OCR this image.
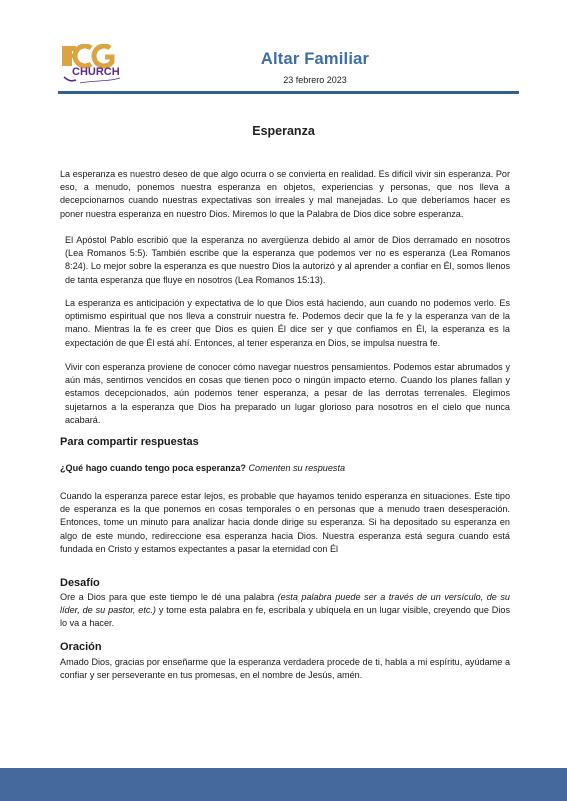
CHURCH
Altar Familiar
23 febrero 2023
Esperanza
La esperanza es nuestro deseo de que algo ocurra o se convierta en realidad. Es difícil vivir sin esperanza. Por eso, a menudo, ponemos nuestra esperanza en objetos, experiencias y personas, que nos lleva a decepcionarnos cuando nuestras expectativas son irreales y mal manejadas. Lo que deberíamos hacer es poner nuestra esperanza en nuestro Dios. Miremos lo que la Palabra de Dios dice sobre esperanza.
El Apóstol Pablo escribió que la esperanza no avergüenza debido al amor de Dios derramado en nosotros (Lea Romanos 5:5). También escribe que la esperanza que podemos ver no es esperanza (Lea Romanos 8:24). Lo mejor sobre la esperanza es que nuestro Dios la autorizó y al aprender a confiar en Él, somos llenos de tanta esperanza que fluye en nosotros (Lea Romanos 15:13).
La esperanza es anticipación y expectativa de lo que Dios está haciendo, aun cuando no podemos verlo. Es optimismo espiritual que nos lleva a construir nuestra fe. Podemos decir que la fe y la esperanza van de la mano. Mientras la fe es creer que Dios es quien Él dice ser y que confiamos en Él, la esperanza es la expectación de que Él está ahí. Entonces, al tener esperanza en Dios, se impulsa nuestra fe.
Vivir con esperanza proviene de conocer cómo navegar nuestros pensamientos. Podemos estar abrumados y aún más, sentirnos vencidos en cosas que tienen poco o ningún impacto eterno. Cuando los planes fallan y estamos decepcionados, aún podemos tener esperanza, a pesar de las derrotas terrenales. Elegimos sujetarnos a la esperanza que Dios ha preparado un lugar glorioso para nosotros en el cielo que nunca acabará.
Para compartir respuestas
¿Qué hago cuando tengo poca esperanza? Comenten su respuesta
Cuando la esperanza parece estar lejos, es probable que hayamos tenido esperanza en situaciones. Este tipo de esperanza es la que ponemos en cosas temporales o en personas que a menudo traen desesperación. Entonces, tome un minuto para analizar hacia donde dirige su esperanza. Si ha depositado su esperanza en algo de este mundo, redireccione esa esperanza hacia Dios. Nuestra esperanza está segura cuando está fundada en Cristo y estamos expectantes a pasar la eternidad con Él
Desafío
Ore a Dios para que este tiempo le dé una palabra (esta palabra puede ser a través de un versículo, de su líder, de su pastor, etc.) y tome esta palabra en fe, escríbala y ubíquela en un lugar visible, creyendo que Dios lo va a hacer.
Oración
Amado Dios, gracias por enseñarme que la esperanza verdadera procede de ti, habla a mi espíritu, ayúdame a confiar y ser perseverante en tus promesas, en el nombre de Jesús, amén.
